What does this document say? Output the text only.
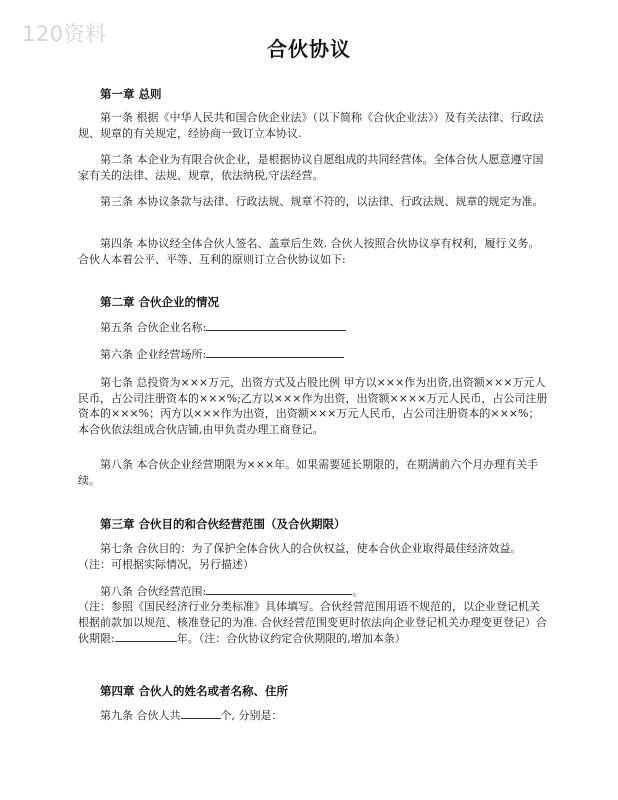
120资料
合伙协议
第一章 总则
第一条 根据《中华人民共和国合伙企业法》（以下简称《合伙企业法》）及有关法律、行政法规、规章的有关规定，经协商一致订立本协议.
第二条 本企业为有限合伙企业，是根据协议自愿组成的共同经营体。全体合伙人愿意遵守国家有关的法律、法规、规章，依法纳税,守法经营。
第三条 本协议条款与法律、行政法规、规章不符的，以法律、行政法规、规章的规定为准。
第四条 本协议经全体合伙人签名、盖章后生效. 合伙人按照合伙协议享有权利，履行义务。合伙人本着公平、平等、互利的原则订立合伙协议如下:
第二章 合伙企业的情况
第五条 合伙企业名称:
第六条 企业经营场所:
第七条 总投资为×××万元，出资方式及占股比例 甲方以×××作为出资,出资额×××万元人民币，占公司注册资本的×××%;乙方以×××作为出资，出资额××××万元人民币，占公司注册资本的×××%；丙方以×××作为出资，出资额×××万元人民币，占公司注册资本的×××%；本合伙依法组成合伙店铺,由甲负责办理工商登记。
第八条 本合伙企业经营期限为×××年。如果需要延长期限的，在期满前六个月办理有关手续。
第三章 合伙目的和合伙经营范围（及合伙期限）
第七条 合伙目的：为了保护全体合伙人的合伙权益，使本合伙企业取得最佳经济效益。（注：可根据实际情况，另行描述）
第八条 合伙经营范围:	。
（注：参照《国民经济行业分类标准》具体填写。合伙经营范围用语不规范的，以企业登记机关根据前款加以规范、核准登记的为准. 合伙经营范围变更时依法向企业登记机关办理变更登记）合伙期限:	年。（注：合伙协议约定合伙期限的,增加本条）
第四章 合伙人的姓名或者名称、住所
第九条 合伙人共	个, 分别是：
